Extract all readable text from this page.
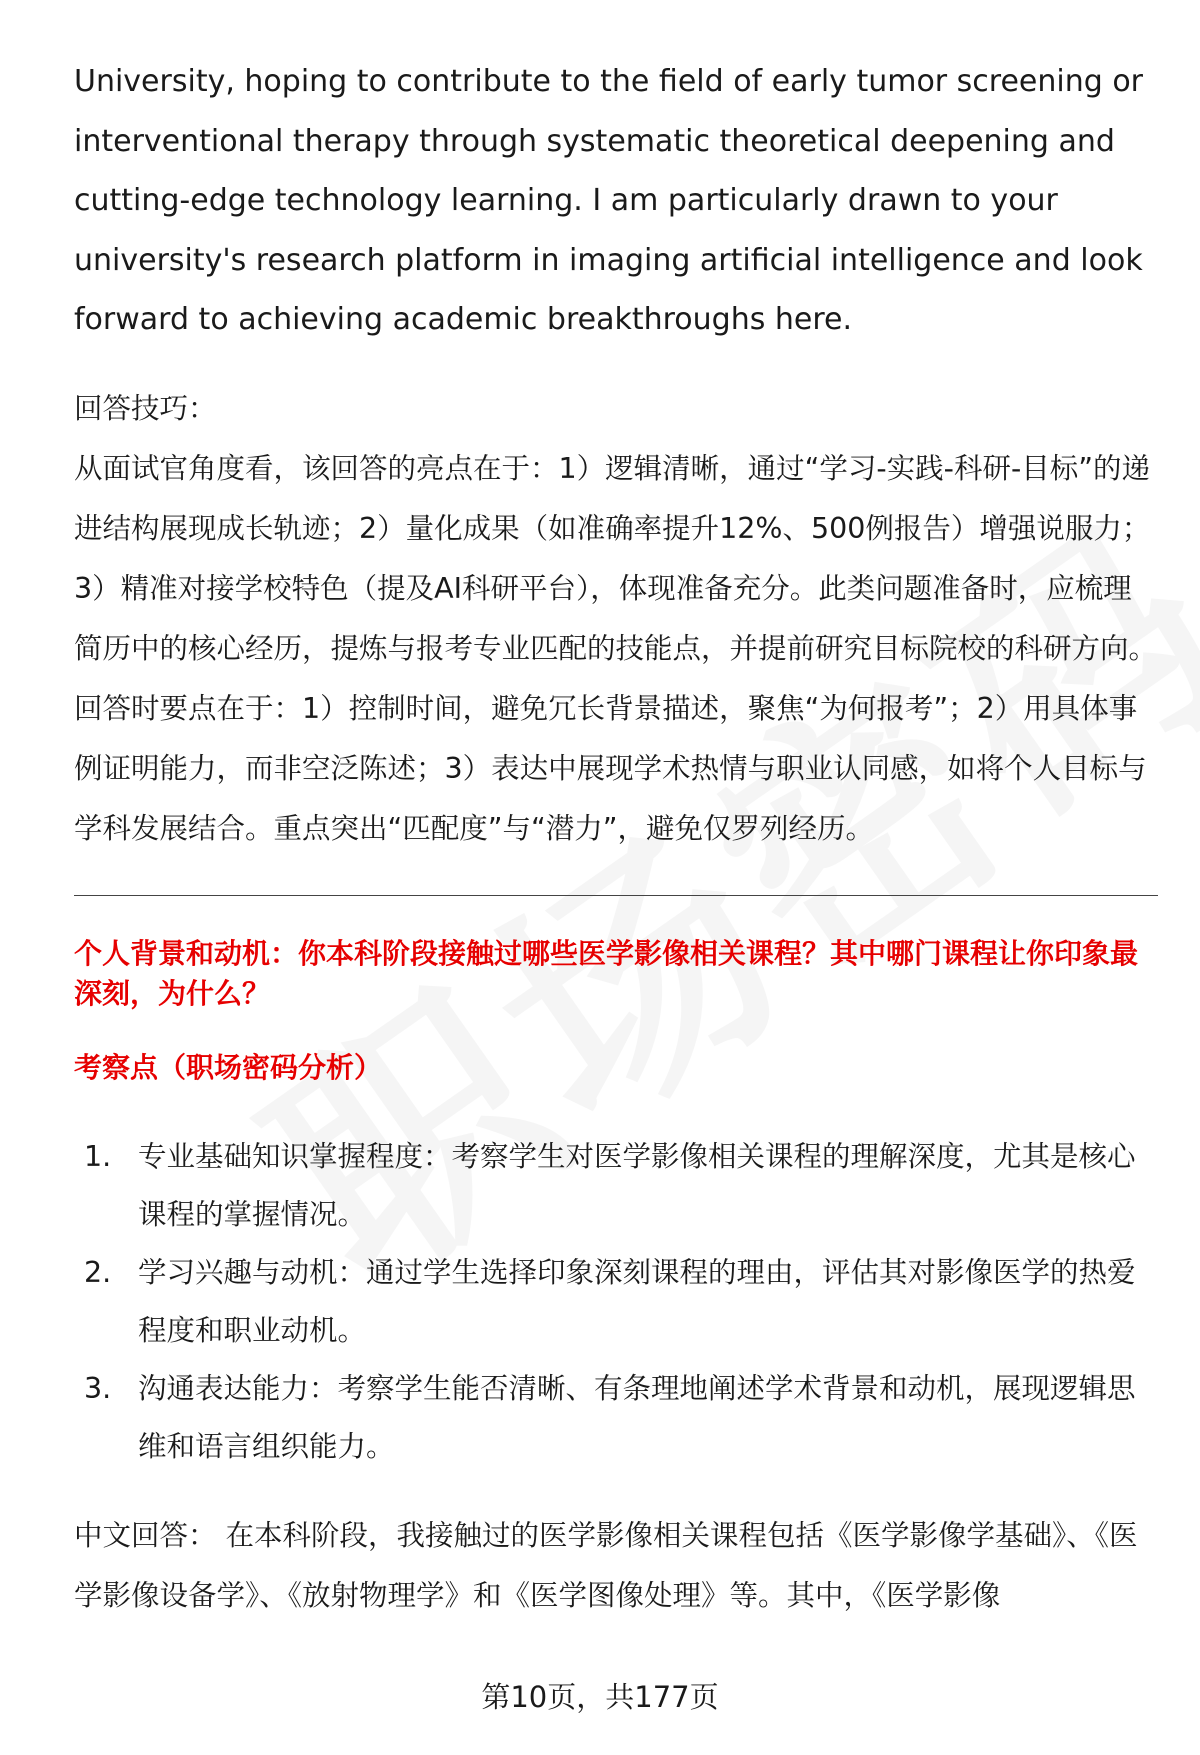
University, hoping to contribute to the field of early tumor screening or interventional therapy through systematic theoretical deepening and cutting-edge technology learning. I am particularly drawn to your university's research platform in imaging artificial intelligence and look forward to achieving academic breakthroughs here.

回答技巧：

从面试官角度看，该回答的亮点在于：1）逻辑清晰，通过“学习-实践-科研-目标”的递进结构展现成长轨迹；2）量化成果（如准确率提升12%、500例报告）增强说服力；3）精准对接学校特色（提及AI科研平台），体现准备充分。此类问题准备时，应梳理简历中的核心经历，提炼与报考专业匹配的技能点，并提前研究目标院校的科研方向。回答时要点在于：1）控制时间，避免冗长背景描述，聚焦“为何报考”；2）用具体事例证明能力，而非空泛陈述；3）表达中展现学术热情与职业认同感，如将个人目标与学科发展结合。重点突出“匹配度”与“潜力”，避免仅罗列经历。

个人背景和动机：你本科阶段接触过哪些医学影像相关课程？其中哪门课程让你印象最深刻，为什么？

考察点（职场密码分析）

1. 专业基础知识掌握程度：考察学生对医学影像相关课程的理解深度，尤其是核心课程的掌握情况。
2. 学习兴趣与动机：通过学生选择印象深刻课程的理由，评估其对影像医学的热爱程度和职业动机。
3. 沟通表达能力：考察学生能否清晰、有条理地阐述学术背景和动机，展现逻辑思维和语言组织能力。

中文回答： 在本科阶段，我接触过的医学影像相关课程包括《医学影像学基础》、《医学影像设备学》、《放射物理学》和《医学图像处理》等。其中，《医学影像

第10页，共177页
